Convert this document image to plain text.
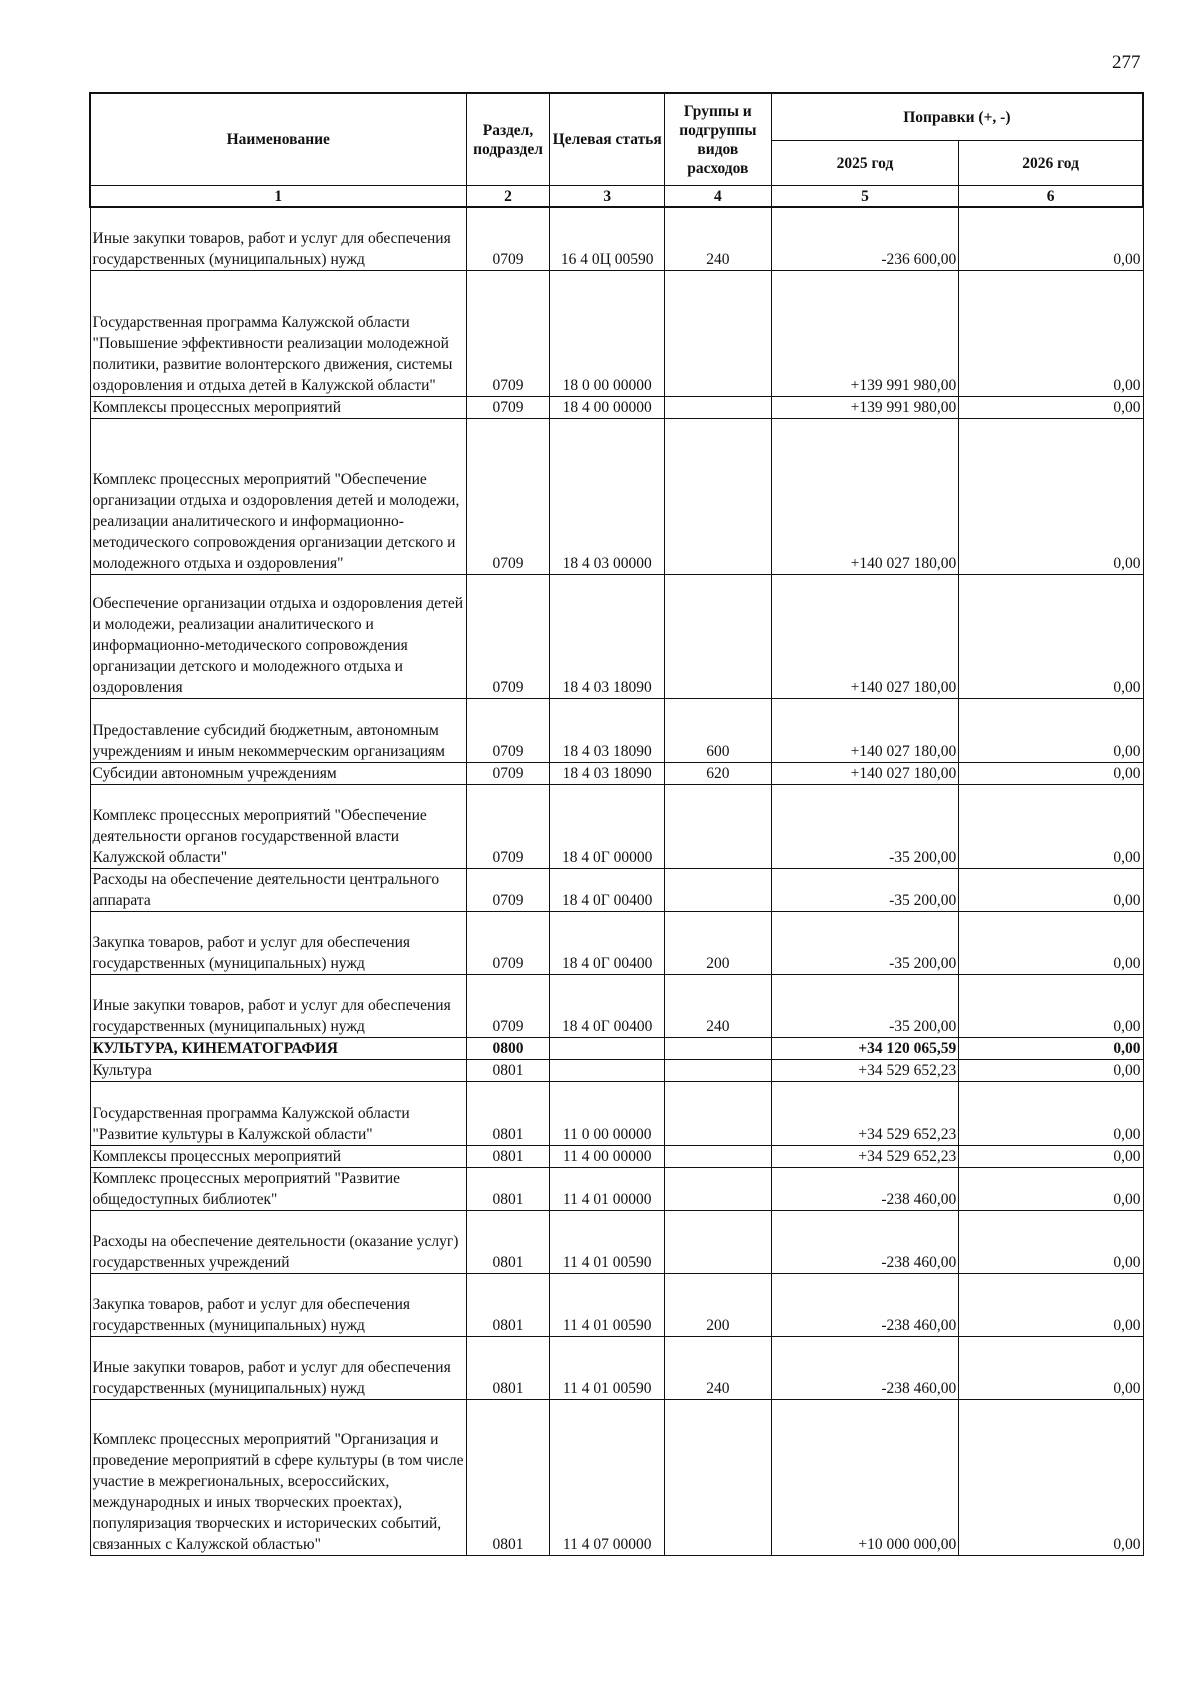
277
Наименование	Раздел, подраздел	Целевая статья	Группы и подгруппы видов расходов	Поправки (+, -)	
				2025 год	2026 год
1	2	3	4	5	6
Иные закупки товаров, работ и услуг для обеспечения государственных (муниципальных) нужд	0709	16 4 0Ц 00590	240	-236 600,00	0,00
Государственная программа Калужской области "Повышение эффективности реализации молодежной политики, развитие волонтерского движения, системы оздоровления и отдыха детей в Калужской области"	0709	18 0 00 00000		+139 991 980,00	0,00
Комплексы процессных мероприятий	0709	18 4 00 00000		+139 991 980,00	0,00
Комплекс процессных мероприятий "Обеспечение организации отдыха и оздоровления детей и молодежи, реализации аналитического и информационно-методического сопровождения организации детского и молодежного отдыха и оздоровления"	0709	18 4 03 00000		+140 027 180,00	0,00
Обеспечение организации отдыха и оздоровления детей и молодежи, реализации аналитического и информационно-методического сопровождения организации детского и молодежного отдыха и оздоровления	0709	18 4 03 18090		+140 027 180,00	0,00
Предоставление субсидий бюджетным, автономным учреждениям и иным некоммерческим организациям	0709	18 4 03 18090	600	+140 027 180,00	0,00
Субсидии автономным учреждениям	0709	18 4 03 18090	620	+140 027 180,00	0,00
Комплекс процессных мероприятий "Обеспечение деятельности органов государственной власти Калужской области"	0709	18 4 0Г 00000		-35 200,00	0,00
Расходы на обеспечение деятельности центрального аппарата	0709	18 4 0Г 00400		-35 200,00	0,00
Закупка товаров, работ и услуг для обеспечения государственных (муниципальных) нужд	0709	18 4 0Г 00400	200	-35 200,00	0,00
Иные закупки товаров, работ и услуг для обеспечения государственных (муниципальных) нужд	0709	18 4 0Г 00400	240	-35 200,00	0,00
КУЛЬТУРА, КИНЕМАТОГРАФИЯ	0800			+34 120 065,59	0,00
Культура	0801			+34 529 652,23	0,00
Государственная программа Калужской области "Развитие культуры в Калужской области"	0801	11 0 00 00000		+34 529 652,23	0,00
Комплексы процессных мероприятий	0801	11 4 00 00000		+34 529 652,23	0,00
Комплекс процессных мероприятий "Развитие общедоступных библиотек"	0801	11 4 01 00000		-238 460,00	0,00
Расходы на обеспечение деятельности (оказание услуг) государственных учреждений	0801	11 4 01 00590		-238 460,00	0,00
Закупка товаров, работ и услуг для обеспечения государственных (муниципальных) нужд	0801	11 4 01 00590	200	-238 460,00	0,00
Иные закупки товаров, работ и услуг для обеспечения государственных (муниципальных) нужд	0801	11 4 01 00590	240	-238 460,00	0,00
Комплекс процессных мероприятий "Организация и проведение мероприятий в сфере культуры (в том числе участие в межрегиональных, всероссийских, международных и иных творческих проектах), популяризация творческих и исторических событий, связанных с Калужской областью"	0801	11 4 07 00000		+10 000 000,00	0,00
